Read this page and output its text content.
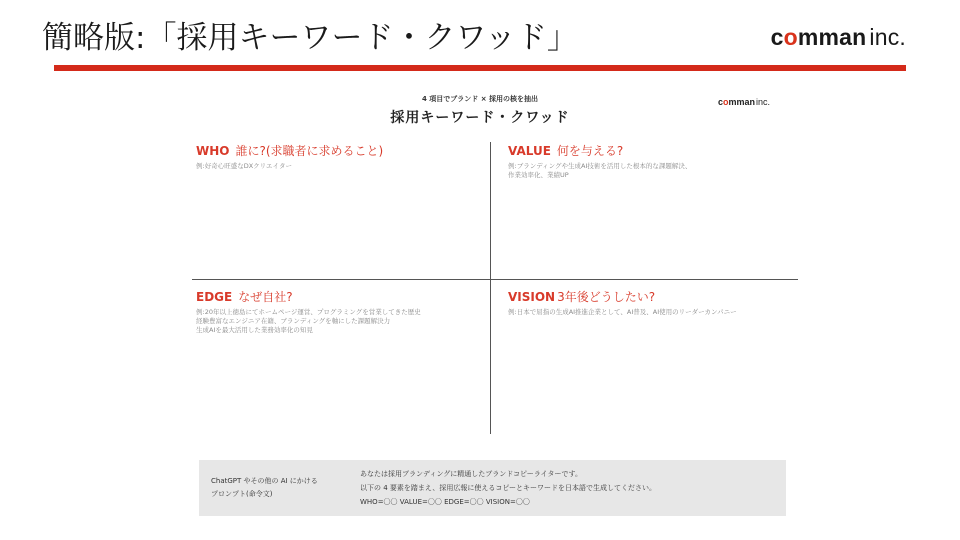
簡略版:「採用キーワード・クワッド」	comman inc.
4 項目でブランド × 採用の核を抽出
採用キーワード・クワッド
commaninc.
WHO 誰に?(求職者に求めること)
例:好奇心旺盛なDXクリエイター
VALUE 何を与える?
例:ブランディングや生成AI技術を活用した根本的な課題解決、
作業効率化、業績UP
EDGE なぜ自社?
例:20年以上徳島にてホームページ運営、プログラミングを営業してきた歴史
経験豊富なエンジニア在籍、ブランディングを軸にした課題解決力
生成AIを最大活用した業務効率化の知見
VISION 3年後どうしたい?
例:日本で屈指の生成AI推進企業として、AI普及、AI使用のリーダーカンパニー
ChatGPT やその他の AI にかける
プロンプト(命令文)
あなたは採用ブランディングに精通したブランドコピーライターです。
以下の 4 要素を踏まえ、採用広報に使えるコピーとキーワードを日本語で生成してください。
WHO=〇〇 VALUE=〇〇 EDGE=〇〇 VISION=〇〇
